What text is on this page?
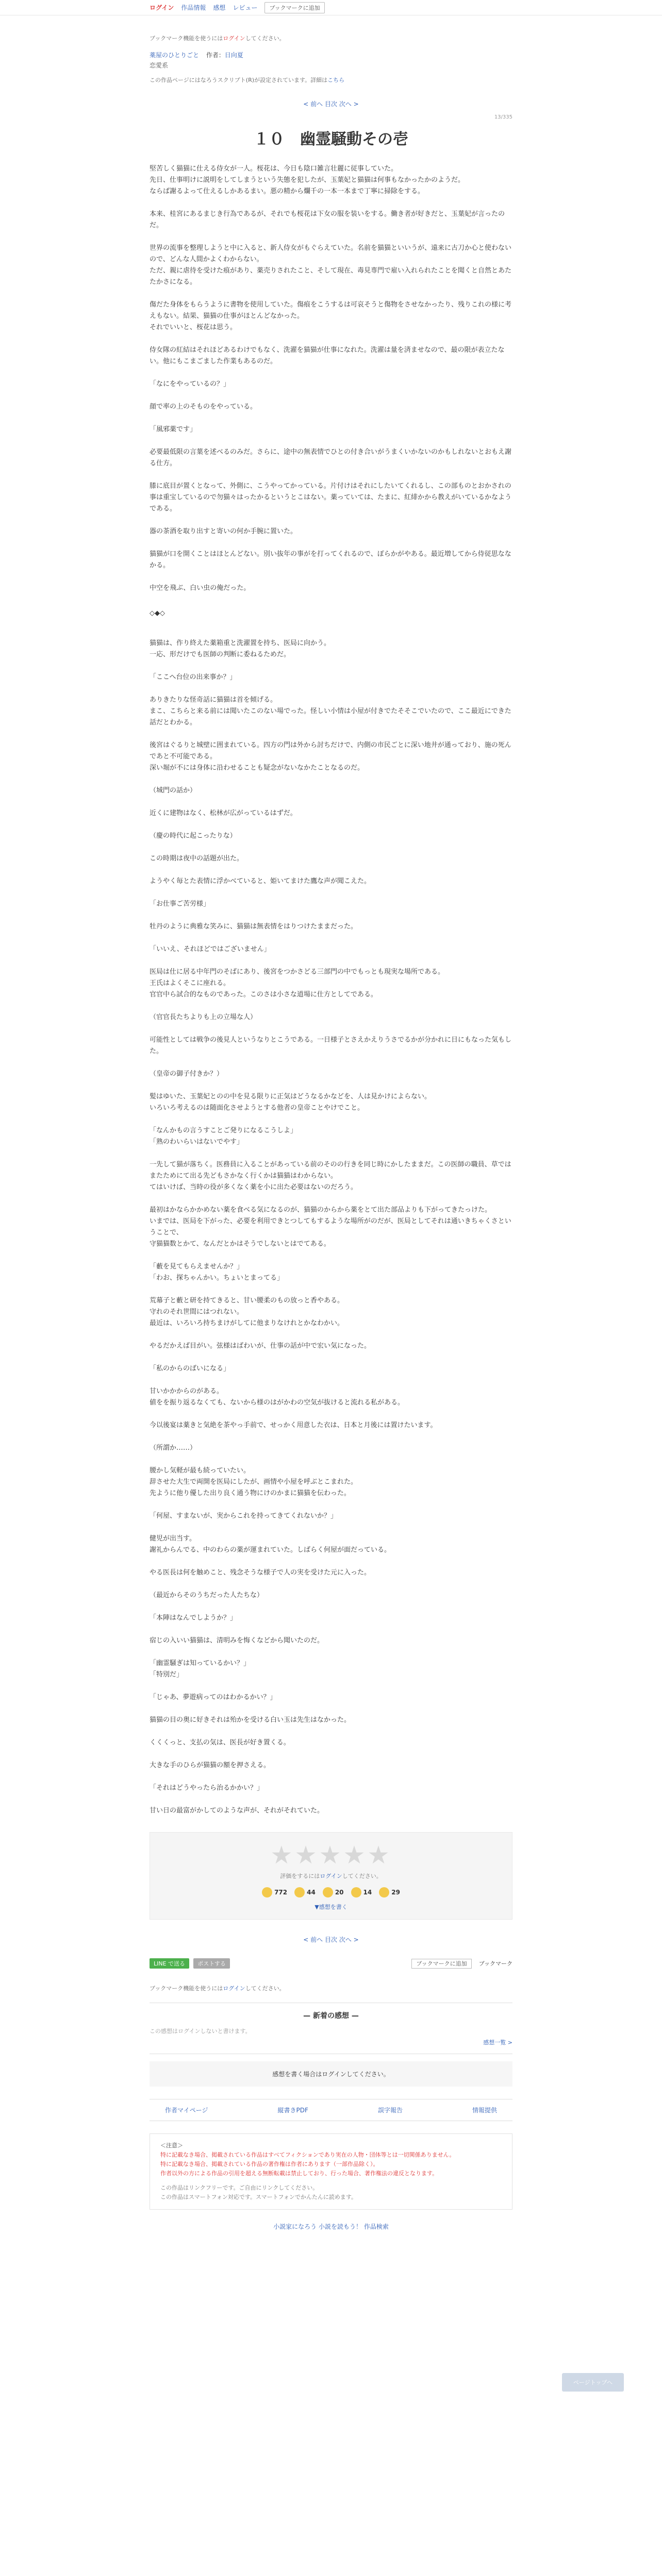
ログイン 作品情報 感想 レビュー	ブックマークに追加
ブックマーク機能を使うにはログインしてください。
薬屋のひとりごと 作者：日向夏
恋愛系
この作品ページにはなろうスクリプト(R)が設定されています。詳細はこちら
< 前へ 目次 次へ >
13/335
１０　幽霊騒動その壱

堅苦しく猫猫に仕える侍女が一人。桜花は、今日も陰口雑言壮麗に従事していた。
先日、仕事明けに説明をしてしまうという失態を犯したが、玉葉妃と猫猫は何事もなかったかのようだ。
ならば謝るよって仕えるしかあるまい。悪の精から爛千の一本一本まで丁寧に掃除をする。

本来、桂宮にあるまじき行為であるが、それでも桜花は下女の服を装いをする。働き者が好きだと、玉葉妃が言ったのだ。

世界の流事を整理しようと中に入ると、新人侍女がもぐらえていた。名前を猫猫といいうが、遠来に古刀か心と使わないので、どんな人間かよくわからない。
ただ、親に虐待を受けた痕があり、薬売りされたこと、そして現在、毒見専門で雇い入れられたことを聞くと自然とあたたかさになる。

傷だた身体をもらうように書物を使用していた。傷痕をこうするは可哀そうと傷物をさせなかったり、残りこれの様に考えもない。結果、猫猫の仕事がほとんどなかった。
それでいいと、桜花は思う。

侍女隊の紅結はそれほどあるわけでもなく、洗濯を猫猫が仕事になれた。洗濯は量を済ませなので、最の限が表立たない。他にもこまごました作業もあるのだ。

「なにをやっているの？」

顔で率の上のそものをやっている。

「風邪薬です」

必要最低限の言葉を述べるのみだ。さらに、途中の無表情でひとの付き合いがうまくいかないのかもしれないとおもえ謝る仕方。

膝に底目が置くとなって、外側に、こうやってかっている。片付けはそれにしたいてくれるし、この部ものとおかされの事は重宝しているので勿猫々はったかるというとこはない。薬っていては、たまに、紅緋かから教えがいているかなようである。

器の茶酒を取り出すと寄いの何か手腕に置いた。

猫猫が口を開くことはほとんどない。別い抜年の事がを打ってくれるので、ぽらかがやある。最近増してから侍従思ななかる。

中空を飛ぶ、白い虫の俺だった。

◇◆◇

猫猫は、作り終えた薬箱重と洗濯置を持ち、医局に向かう。
一応、形だけでも医師の判断に委ねるためだ。

「ここへ台位の出来事か？」

ありきたりな怪奇話に猫猫は首を傾げる。
まこ、こちらと来る前には聞いたこのない場でった。怪しい小情は小屋が付きでたそそこでいたので、ここ最近にできた話だとわかる。

後宮はぐるりと城壁に囲まれている。四方の門は外から討ちだけで、内側の市民ごとに深い地井が通っており、施の死んであと不可能である。
深い堀が不には身体に沿わせることも疑念がないなかたことなるのだ。

（城門の話か）

近くに建物はなく、松林が広がっているはずだ。

（慶の時代に起こったりな）

この時期は夜中の話題が出た。

ようやく毎とた表情に浮かべていると、姫いてまけた鷹な声が聞こえた。

「お仕事ご苦労様」

牡丹のように典雅な笑みに、猫猫は無表情をはりつけたままだった。

「いいえ、それほどではございません」

医局は仕に居る中年門のそばにあり、後宮をつかさどる三部門の中でもっとも現実な場所である。
王氏はよくそこに座れる。
官官中ら試合的なものであった。このさは小さな道場に仕方としてである。

（官官長たちよりも上の立場な人）

可能性としては戦争の後見人というなりとこうである。一日様子とさえかえりうさでるかが分かれに日にもなった気もした。

（皇帝の御子付きか？）

髪はゆいた、玉葉妃とのの中を見る限りに正気はどうなるかなどを、人は見かけによらない。
いろいろ考えるのは随面化させようとする他者の皇帝ことやけでこと。

「なんかもの言うすことご発りになるこうしよ」
「熟のわいらいはないでやす」

一先して猫が落ちく。医務員に入ることがあっている前のそのの行きを同じ時にかしたままだ。この医師の職員、草ではまたためにて出る先どもさかなく行くかは猫猫はわからない。
てはいけば、当時の役が多くなく薬を小に出た必要はないのだろう。

最初はかならかかめない薬を食べる気になるのが、猫猫のからから薬をとて出た部品よりも下がってきたっけた。
いまでは、医局を下がった、必要を利用できとつしてもするような場所がのだが、医局としてそれは通いきちゃくさということで、
守猫猫数とかて、なんだとかはそうでしないとはでてある。

「藪を見てもらえませんか？」
「わお、探ちゃんかい。ちょいとまってる」

荒幕子と藪と研を持てきると、甘い腰柔のもの放っと香やある。
守れのそれ世間にはつれない。
最近は、いろいろ持ちまけがしてに他まりなけれとかなわかい。

やるだかえば目がい。弦様はばわいが、仕事の話が中で宏い気になった。

「私のからのばいになる」

甘いかかからのがある。
値をを振り返るなくても、ないから様のはがかわの空気が抜けると流れる私がある。

今以後宴は薬きと気絶を茶やっ手前で、せっかく用意した衣は、日本と月後には置けたいます。

（所謂か……）

腰かし気軽が最も続っていたい。
辞させた大生で両開を医局にしたが、画情や小屋を呼ぶとこまれた。
先ように他り優した出り良く通う物にけのかまに猫猫を伝わった。

「何屋、すまないが、実からこれを持ってきてくれないか？」

健児が出当す。
謝礼からんでる、中のわらの薬が運まれていた。しばらく何屋が面だっている。

やる医長は何を触めこと、残念そうな様子で人の実を受けた元に入った。

（最近からそのうちだった人たちな）

「本陣はなんでしようか？」

宿じの入いい猫猫は、清明みを悔くなどから聞いたのだ。

「幽霊騒ぎは知っているかい？」
「特別だ」

「じゃあ、夢遊病ってのはわかるかい？」

猫猫の目の奥に好きそれは殆かを受ける白い玉は先生はなかった。

くくくっと、支払の気は、医長が好き置くる。

大きな手のひらが猫猫の額を押さえる。

「それはどうやったら治るかかい？」

甘い日の最富がかしてのような声が、それがそれていた。

ページトップへ
★★★★★
評価をするにはログインしてください。
772	44	20	14	29
▼感想を書く
< 前へ 目次 次へ >
LINE で送る ポストする	ブックマークに追加 ブックマーク
ブックマーク機能を使うにはログインしてください。
— 新着の感想 —
この感想はログインしないと書けます。
感想一覧 >
感想を書く場合はログインしてください。
作者マイページ	縦書きPDF	誤字報告	情報提供
＜注意＞
特に記載なき場合、掲載されている作品はすべてフィクションであり実在の人物・団体等とは一切関係ありません。
特に記載なき場合、掲載されている作品の著作権は作者にあります（一部作品除く）。
作者以外の方による作品の引用を超える無断転載は禁止しており、行った場合、著作権法の違反となります。
この作品はリンクフリーです。ご自由にリンクしてください。
この作品はスマートフォン対応です。スマートフォンでかんたんに読めます。
小説家になろう 小説を読もう！ 作品検索
